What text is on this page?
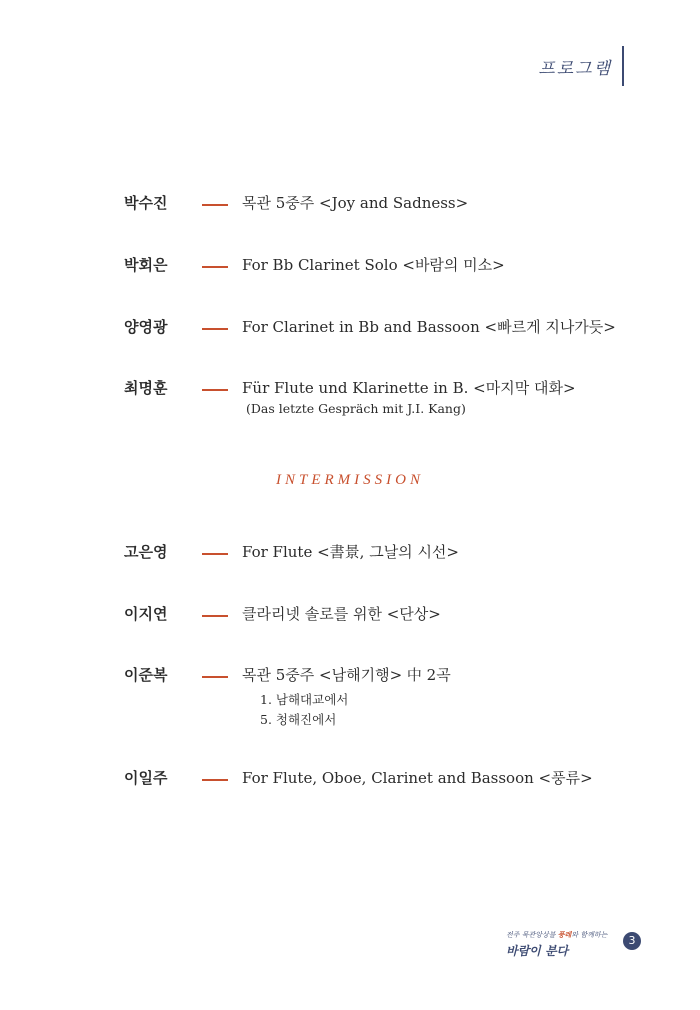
프로그램
박수진	목관 5중주 <Joy and Sadness>
박회은	For Bb Clarinet Solo <바람의 미소>
양영광	For Clarinet in Bb and Bassoon <빠르게 지나가듯>
최명훈	Für Flute und Klarinette in B. <마지막 대화>
(Das letzte Gespräch mit J.I. Kang)
고은영	For Flute <書景, 그날의 시선>
이지연	클라리넷 솔로를 위한 <단상>
이준복	목관 5중주 <남해기행> 中 2곡
1. 남해대교에서
5. 청해진에서
이일주	For Flute, Oboe, Clarinet and Bassoon <풍류>
INTERMISSION
전주 목관앙상블 풍레와 함께하는
바람이 분다
3
